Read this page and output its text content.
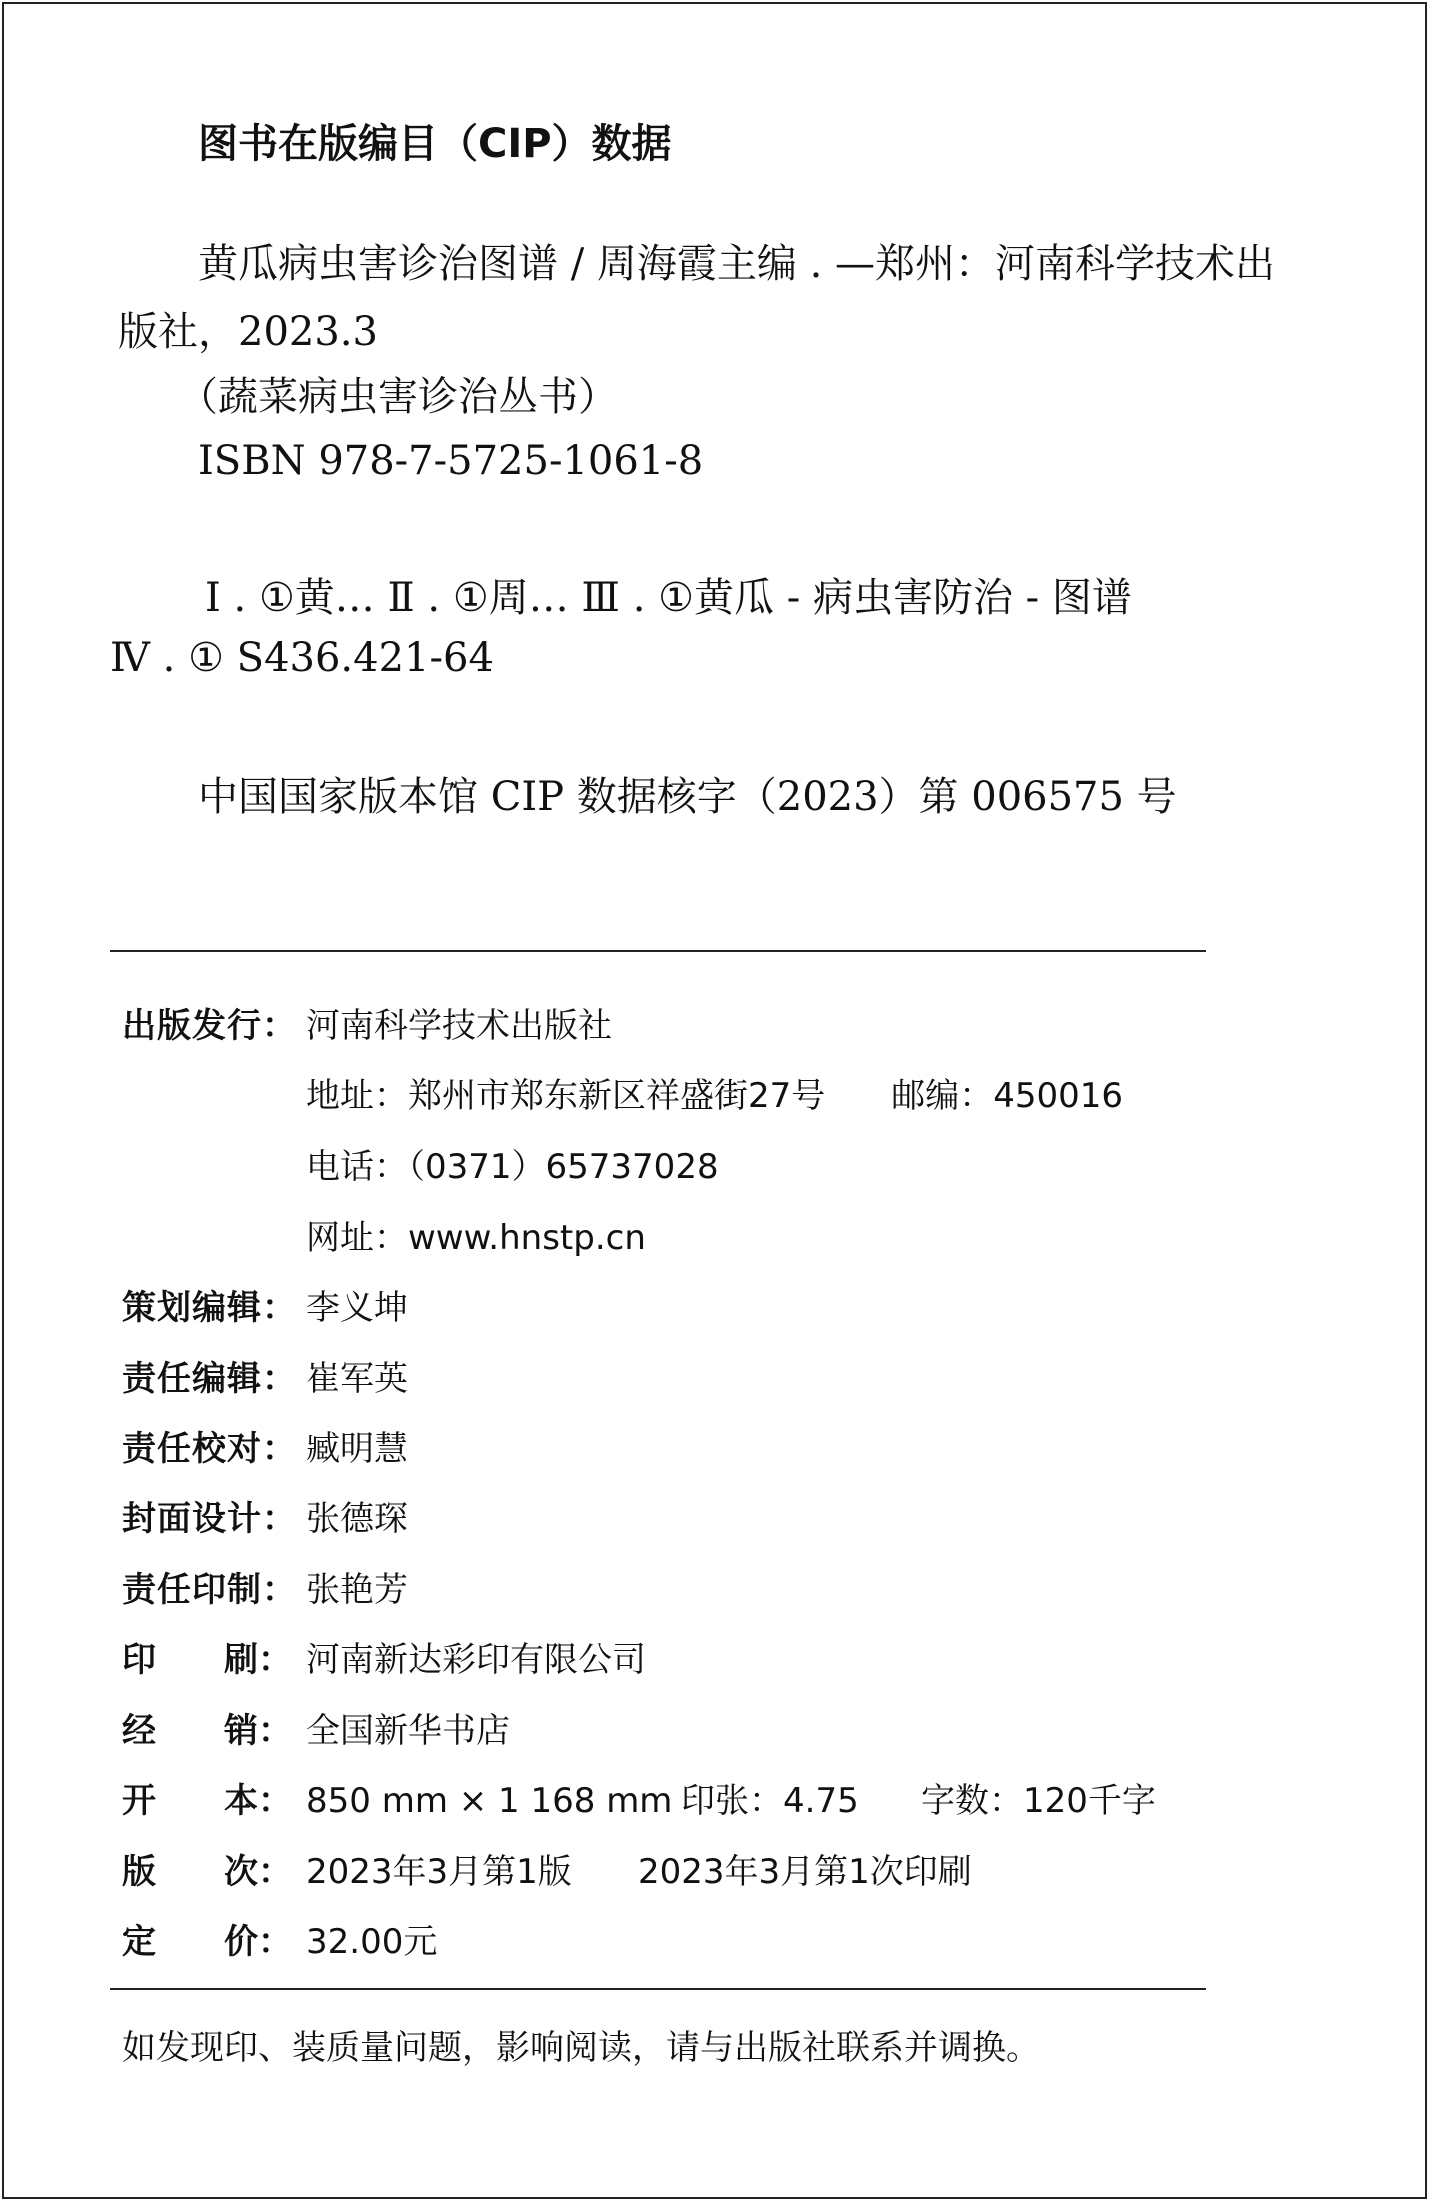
图书在版编目（CIP）数据
黄瓜病虫害诊治图谱 / 周海霞主编 . —郑州：河南科学技术出
版社，2023.3
（蔬菜病虫害诊治丛书）
ISBN 978-7-5725-1061-8
Ⅰ . ①黄… Ⅱ . ①周… Ⅲ . ①黄瓜 - 病虫害防治 - 图谱
Ⅳ . ① S436.421-64
中国国家版本馆 CIP 数据核字（2023）第 006575 号
出版发行： 河南科学技术出版社
地址：郑州市郑东新区祥盛街27号 邮编：450016
电话：（0371）65737028
网址：www.hnstp.cn
策划编辑： 李义坤
责任编辑： 崔军英
责任校对： 臧明慧
封面设计： 张德琛
责任印制： 张艳芳
印　　刷： 河南新达彩印有限公司
经　　销： 全国新华书店
开　　本： 850 mm × 1 168 mm 印张：4.75 字数：120千字
版　　次： 2023年3月第1版 2023年3月第1次印刷
定　　价： 32.00元
如发现印、装质量问题，影响阅读，请与出版社联系并调换。
